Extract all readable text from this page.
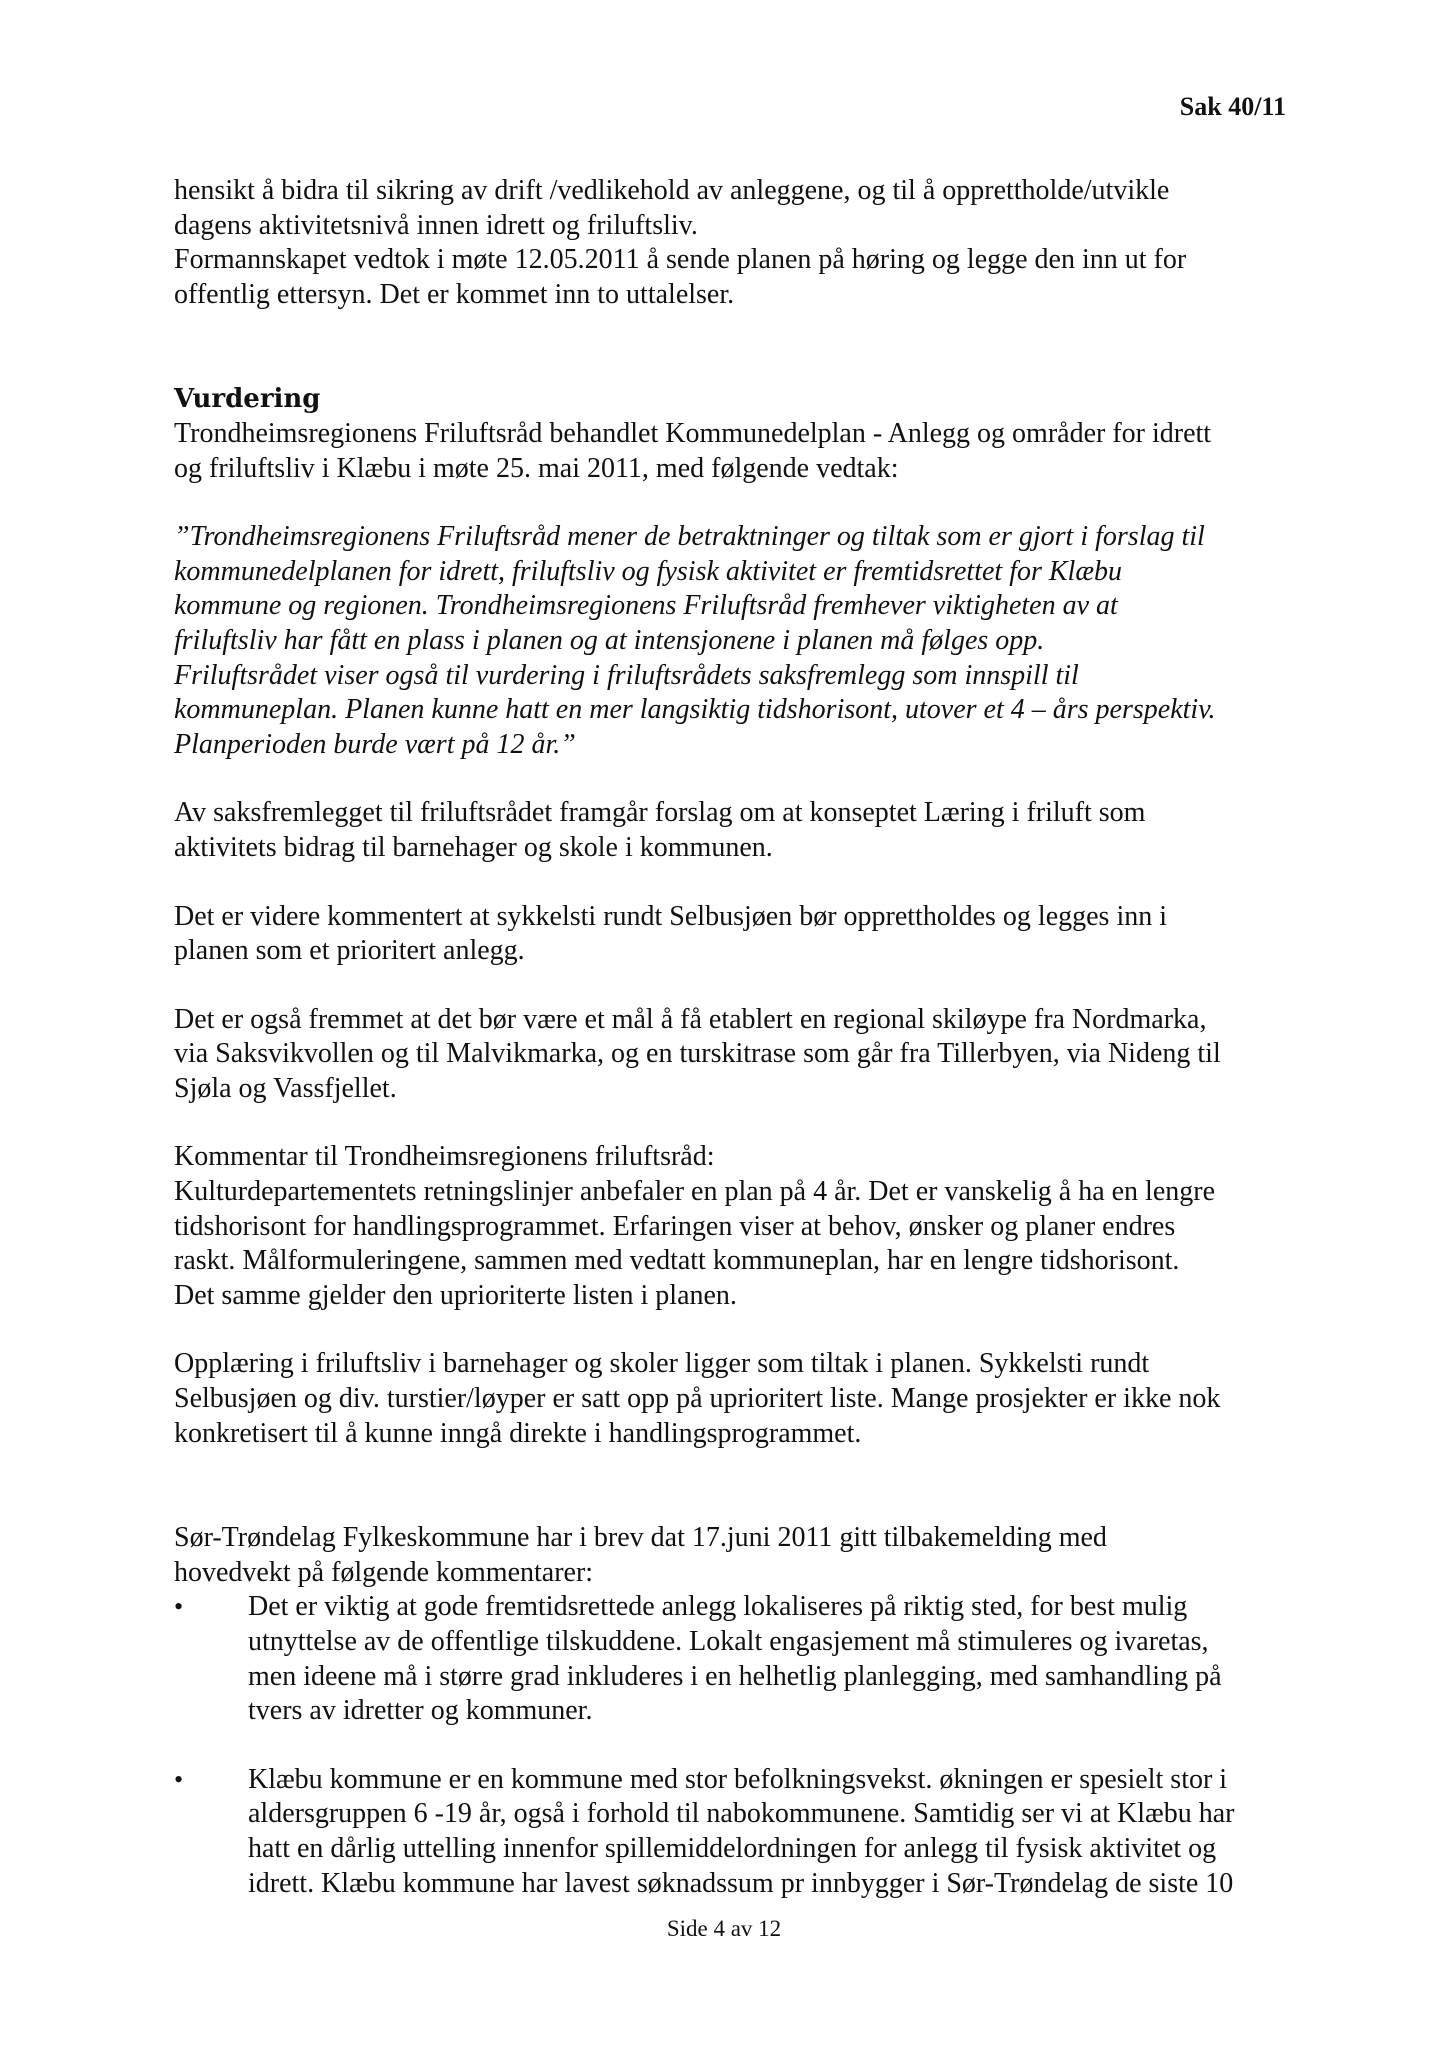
Sak 40/11

hensikt å bidra til sikring av drift /vedlikehold av anleggene, og til å opprettholde/utvikle
dagens aktivitetsnivå innen idrett og friluftsliv.
Formannskapet vedtok i møte 12.05.2011 å sende planen på høring og legge den inn ut for
offentlig ettersyn. Det er kommet inn to uttalelser.

Vurdering

Trondheimsregionens Friluftsråd behandlet Kommunedelplan - Anlegg og områder for idrett
og friluftsliv i Klæbu i møte 25. mai 2011, med følgende vedtak:

”Trondheimsregionens Friluftsråd mener de betraktninger og tiltak som er gjort i forslag til
kommunedelplanen for idrett, friluftsliv og fysisk aktivitet er fremtidsrettet for Klæbu
kommune og regionen. Trondheimsregionens Friluftsråd fremhever viktigheten av at
friluftsliv har fått en plass i planen og at intensjonene i planen må følges opp.
Friluftsrådet viser også til vurdering i friluftsrådets saksfremlegg som innspill til
kommuneplan. Planen kunne hatt en mer langsiktig tidshorisont, utover et 4 – års perspektiv.
Planperioden burde vært på 12 år.”

Av saksfremlegget til friluftsrådet framgår forslag om at konseptet Læring i friluft som
aktivitets bidrag til barnehager og skole i kommunen.

Det er videre kommentert at sykkelsti rundt Selbusjøen bør opprettholdes og legges inn i
planen som et prioritert anlegg.

Det er også fremmet at det bør være et mål å få etablert en regional skiløype fra Nordmarka,
via Saksvikvollen og til Malvikmarka, og en turskitrase som går fra Tillerbyen, via Nideng til
Sjøla og Vassfjellet.

Kommentar til Trondheimsregionens friluftsråd:
Kulturdepartementets retningslinjer anbefaler en plan på 4 år. Det er vanskelig å ha en lengre
tidshorisont for handlingsprogrammet. Erfaringen viser at behov, ønsker og planer endres
raskt. Målformuleringene, sammen med vedtatt kommuneplan, har en lengre tidshorisont.
Det samme gjelder den uprioriterte listen i planen.

Opplæring i friluftsliv i barnehager og skoler ligger som tiltak i planen. Sykkelsti rundt
Selbusjøen og div. turstier/løyper er satt opp på uprioritert liste. Mange prosjekter er ikke nok
konkretisert til å kunne inngå direkte i handlingsprogrammet.

Sør-Trøndelag Fylkeskommune har i brev dat 17.juni 2011 gitt tilbakemelding med
hovedvekt på følgende kommentarer:

• Det er viktig at gode fremtidsrettede anlegg lokaliseres på riktig sted, for best mulig
utnyttelse av de offentlige tilskuddene. Lokalt engasjement må stimuleres og ivaretas,
men ideene må i større grad inkluderes i en helhetlig planlegging, med samhandling på
tvers av idretter og kommuner.
• Klæbu kommune er en kommune med stor befolkningsvekst. økningen er spesielt stor i
aldersgruppen 6 -19 år, også i forhold til nabokommunene. Samtidig ser vi at Klæbu har
hatt en dårlig uttelling innenfor spillemiddelordningen for anlegg til fysisk aktivitet og
idrett. Klæbu kommune har lavest søknadssum pr innbygger i Sør-Trøndelag de siste 10
Side 4 av 12
